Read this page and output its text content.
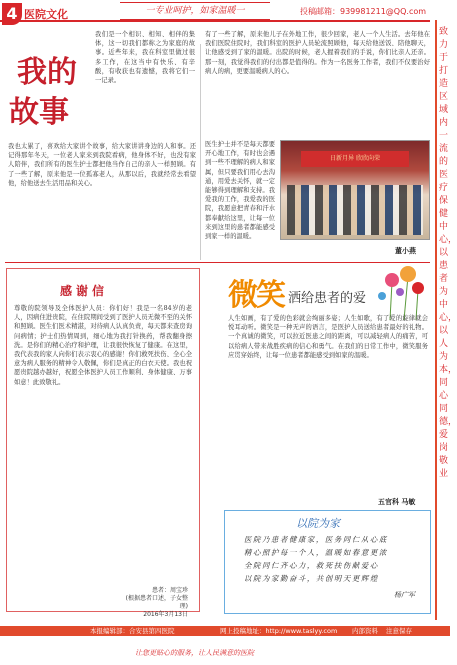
4 医院文化	一专业呵护，如家温暖一	投稿邮箱：939981211@QQ.com
致力于打造区域内一流的医疗保健中心，以患者为中心，以人为本，同心同德，爱岗敬业
我的
故事
我们是一个相识、相知、相伴的集体，这一切我们都称之为家庭的故事。近些年来，我在科室里做过很多工作，在这当中有快乐、有辛酸，有收获也有遗憾，我将它们一一记录。
我也太累了，喜欢给大家讲个故事，给大家讲讲身边的人和事。还记得那年冬天，一位老人家来到我院看病，他身体不好，也没有家人陪伴，我们所有的医生护士都把他当作自己的亲人一样照顾。有了一些了解，原来他是一位孤寡老人，从那以后，我就经常去看望他，给他送去生活用品和关心。
有了一些了解，原来他儿子在外地工作，很少回家，老人一个人生活。去年他在我们医院住院时，我们科室的医护人员轮流照顾他，每天给他送饭、陪他聊天，让他感受到了家的温暖。出院的时候，老人握着我们的手说，你们比亲人还亲。那一刻，我觉得我们的付出都是值得的。作为一名医务工作者，我们不仅要治好病人的病，更要温暖病人的心。
医生护士并不是每天都要开心地工作，有时也会遇到一些不理解的病人和家属，但只要我们用心去沟通，用爱去关怀，就一定能够得到理解和支持。我爱我的工作，我爱我的医院，我愿意把青春和汗水都奉献给这里，让每一位来到这里的患者都能感受到家一样的温暖。
日新月异 欣欣向荣
董小燕
感谢信
尊敬的院领导及全体医护人员：你们好！我是一名84岁的老人，因病住进贵院，在住院期间受到了医护人员无微不至的关怀和照顾。医生们医术精湛，对待病人认真负责，每天都来查房询问病情；护士们热情周到，细心地为我打针换药，帮我翻身擦洗。是你们的精心治疗和护理，让我很快恢复了健康。在这里，我代表我的家人向你们表示衷心的感谢！你们救死扶伤、全心全意为病人服务的精神令人敬佩，你们是真正的白衣天使。我也祝愿贵院越办越好，祝愿全体医护人员工作顺利、身体健康、万事如意！此致敬礼。
患者：周宝珍
(根据患者口述，子女整理)
2016年3月13日
微笑 洒给患者的爱
人生如画，有了爱的色彩就会绚丽多姿；人生如歌，有了爱的旋律就会悦耳动听。微笑是一种无声的语言，是医护人员送给患者最好的礼物。一个真诚的微笑，可以拉近医患之间的距离，可以减轻病人的痛苦，可以给病人带来战胜疾病的信心和勇气。在我们的日常工作中，微笑服务应贯穿始终，让每一位患者都能感受到如家的温暖。
五官科 马敏
以院为家
医院乃患者健康家，医务同仁从心底
精心照护每一个人，温暖如春意更浓
全院同仁齐心力，救死扶伤献爱心
以院为家勤奋斗，共创明天更辉煌
杨广军
本报编辑部：合安县第四医院	网上投稿地址：http://www.taslyy.com 内部资料 注意保存
让您更贴心的服务，让人民满意的医院
